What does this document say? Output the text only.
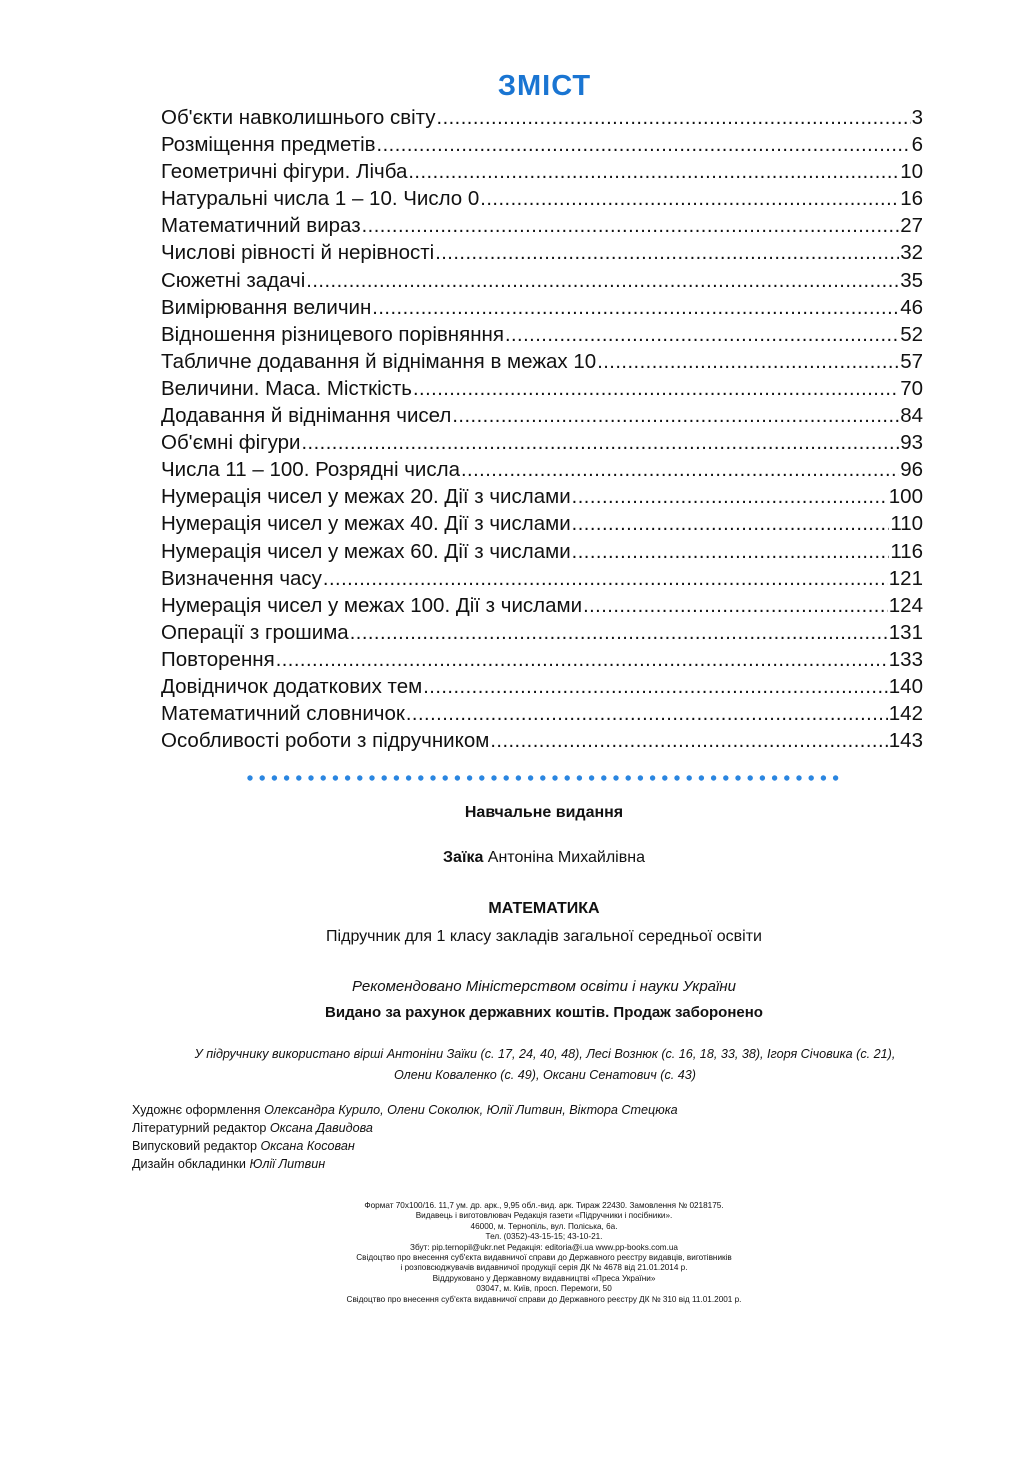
ЗМІСТ
Об'єкти навколишнього світу .....	3
Розміщення предметів .....	6
Геометричні фігури. Лічба .....	10
Натуральні числа 1 – 10. Число 0 .....	16
Математичний вираз .....	27
Числові рівності й нерівності .....	32
Сюжетні задачі .....	35
Вимірювання величин .....	46
Відношення різницевого порівняння .....	52
Табличне додавання й віднімання в межах 10 .....	57
Величини. Маса. Місткість .....	70
Додавання й віднімання чисел .....	84
Об'ємні фігури .....	93
Числа 11 – 100. Розрядні числа .....	96
Нумерація чисел у межах 20. Дії з числами .....	100
Нумерація чисел у межах 40. Дії з числами .....	110
Нумерація чисел у межах 60. Дії з числами .....	116
Визначення часу .....	121
Нумерація чисел у межах 100. Дії з числами .....	124
Операції з грошима .....	131
Повторення .....	133
Довідничок додаткових тем .....	140
Математичний словничок .....	142
Особливості роботи з підручником .....	143
Навчальне видання
Заїка Антоніна Михайлівна
МАТЕМАТИКА
Підручник для 1 класу закладів загальної середньої освіти
Рекомендовано Міністерством освіти і науки України
Видано за рахунок державних коштів. Продаж заборонено
У підручнику використано вірші Антоніни Заїки (с. 17, 24, 40, 48), Лесі Вознюк (с. 16, 18, 33, 38), Ігоря Січовика (с. 21),
Олени Коваленко (с. 49), Оксани Сенатович (с. 43)
Художнє оформлення Олександра Курило, Олени Соколюк, Юлії Литвин, Віктора Стецюка
Літературний редактор Оксана Давидова
Випусковий редактор Оксана Косован
Дизайн обкладинки Юлії Литвин
Формат 70х100/16. 11,7 ум. др. арк., 9,95 обл.-вид. арк. Тираж 22430. Замовлення № 0218175.
Видавець і виготовлювач Редакція газети «Підручники і посібники».
46000, м. Тернопіль, вул. Поліська, 6а.
Тел. (0352)-43-15-15; 43-10-21.
Збут: pip.ternopil@ukr.net Редакція: editoria@i.ua www.pp-books.com.ua
Свідоцтво про внесення суб'єкта видавничої справи до Державного реєстру видавців, виготівників
і розповсюджувачів видавничої продукції серія ДК № 4678 від 21.01.2014 р.
Віддруковано у Державному видавництві «Преса України»
03047, м. Київ, просп. Перемоги, 50
Свідоцтво про внесення суб'єкта видавничої справи до Державного реєстру ДК № 310 від 11.01.2001 р.
